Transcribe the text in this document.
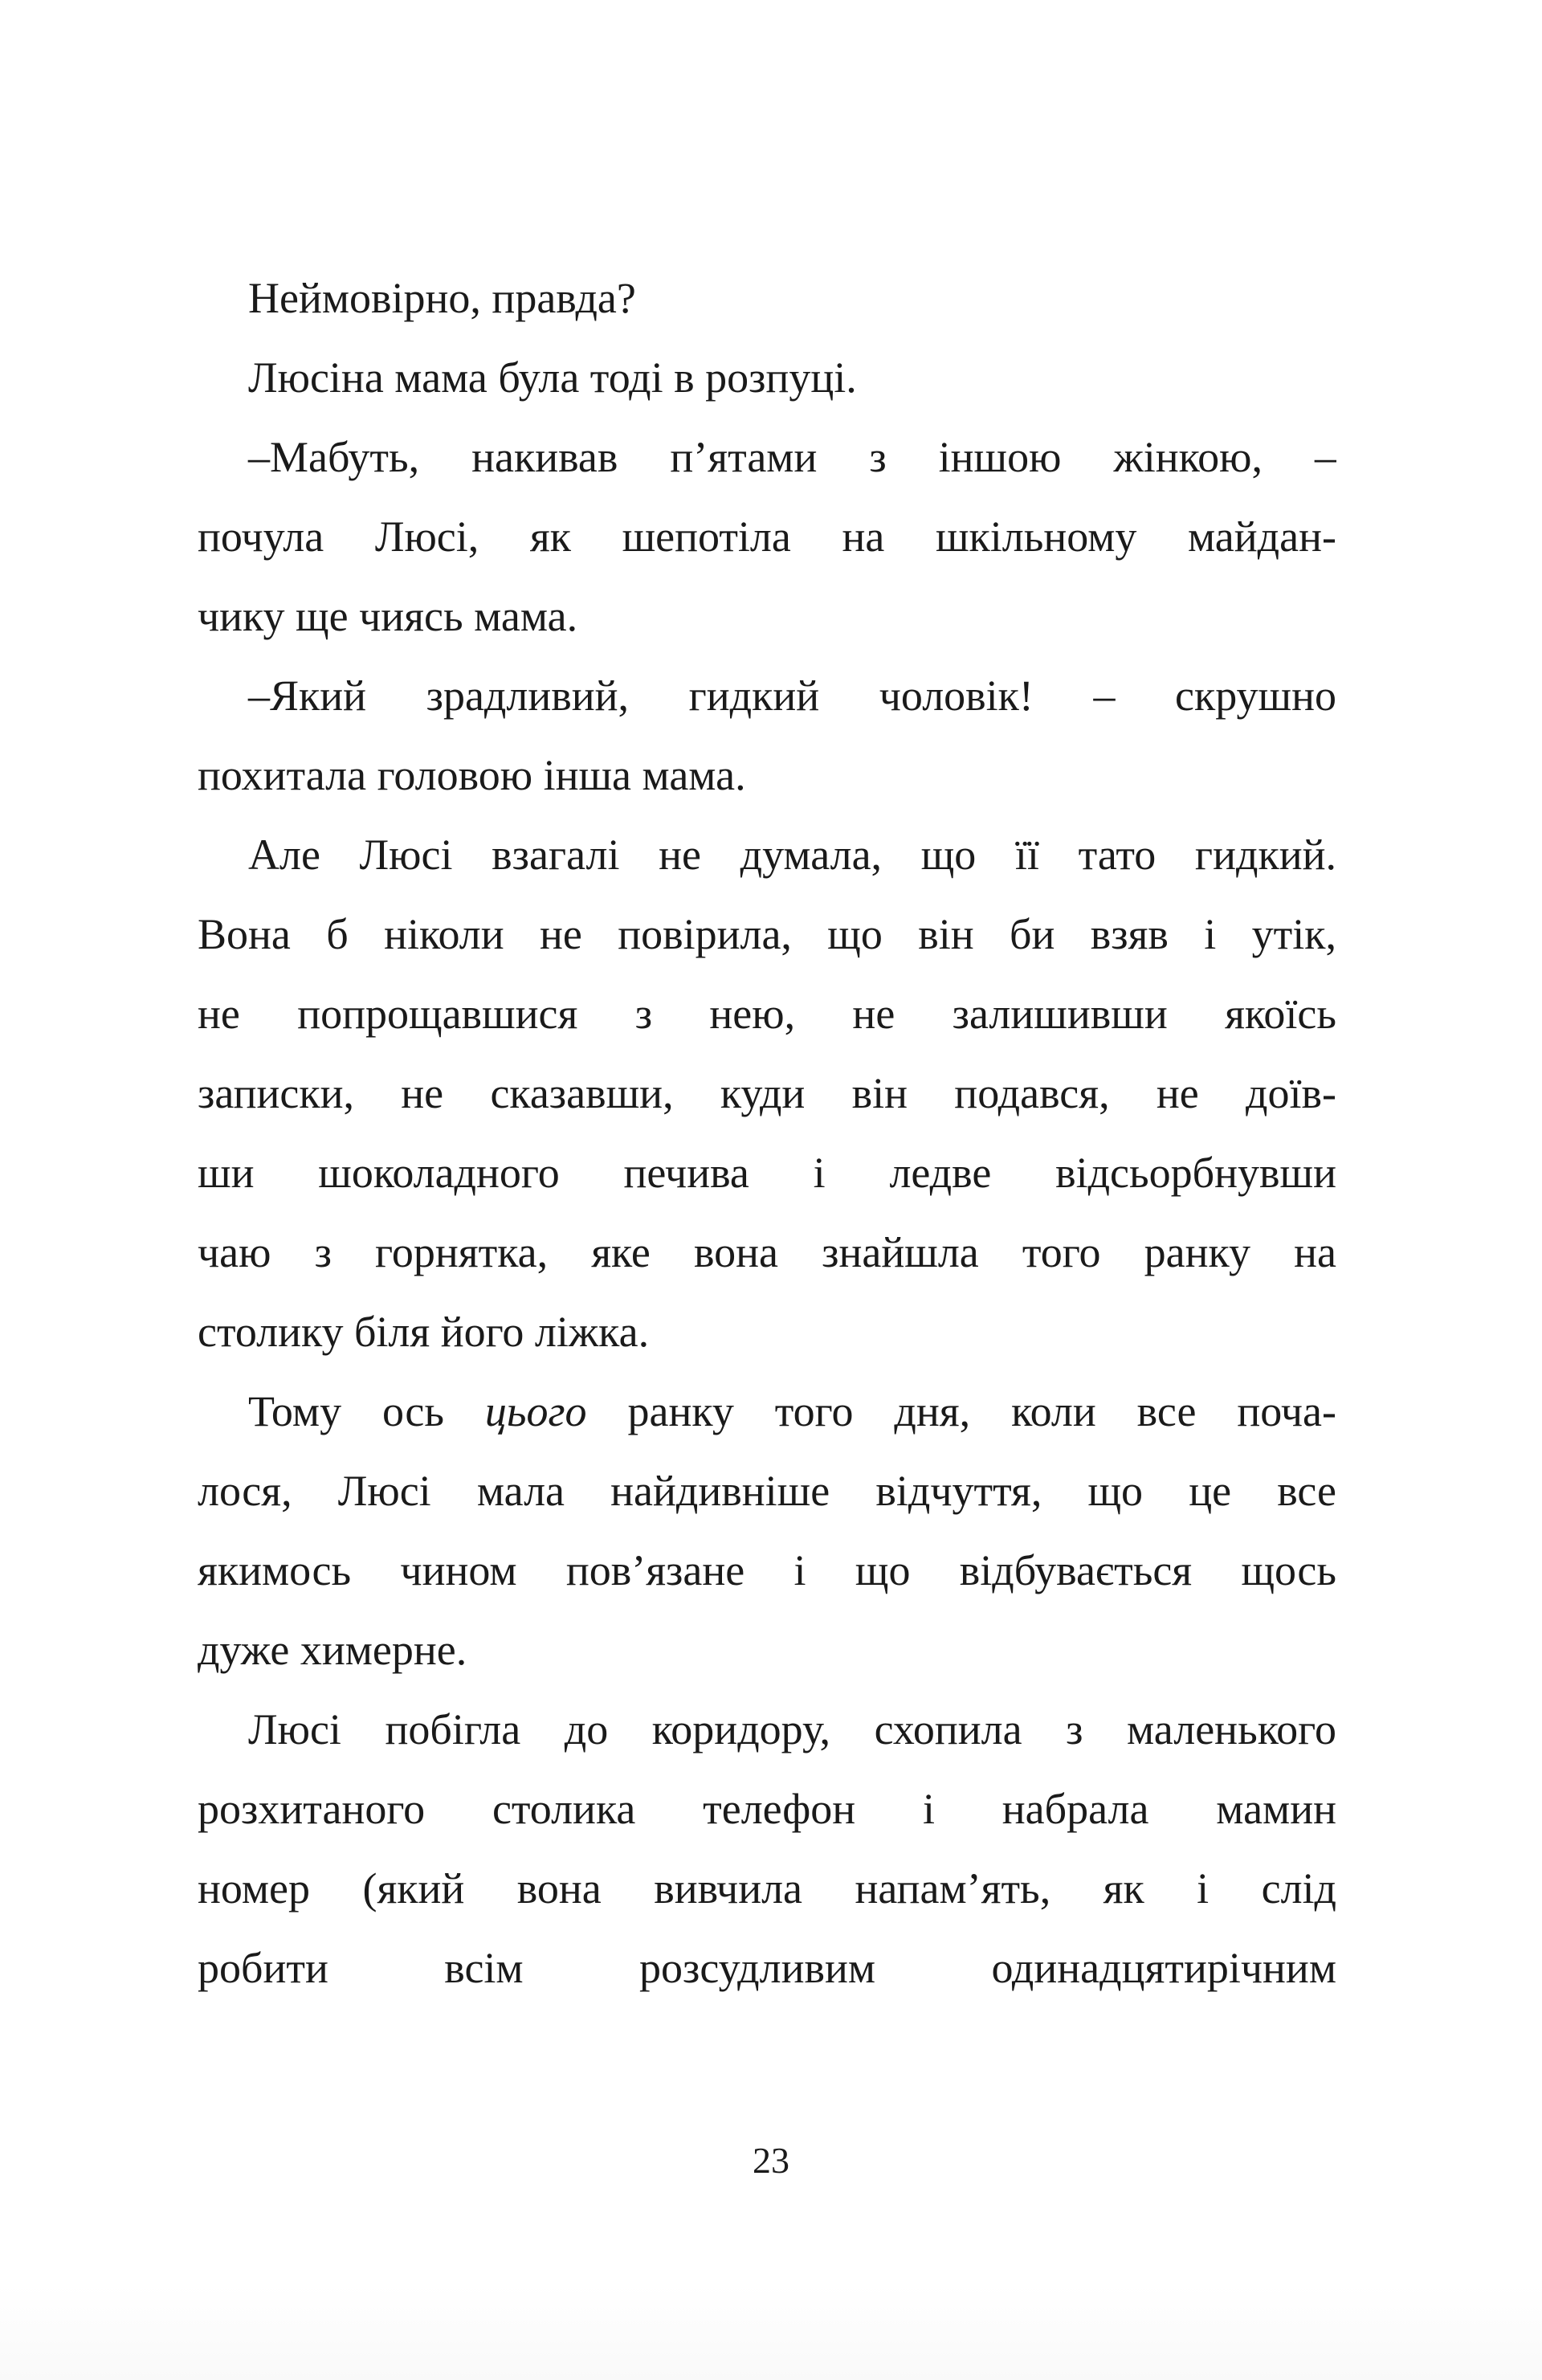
Неймовірно, правда?
Люсіна мама була тоді в розпуці.
–Мабуть, накивав п’ятами з іншою жінкою, –
почула Люсі, як шепотіла на шкільному майдан-
чику ще чиясь мама.
–Який зрадливий, гидкий чоловік! – скрушно
похитала головою інша мама.
Але Люсі взагалі не думала, що її тато гидкий.
Вона б ніколи не повірила, що він би взяв і утік,
не попрощавшися з нею, не залишивши якоїсь
записки, не сказавши, куди він подався, не доїв-
ши шоколадного печива і ледве відсьорбнувши
чаю з горнятка, яке вона знайшла того ранку на
столику біля його ліжка.
Тому ось цього ранку того дня, коли все поча-
лося, Люсі мала найдивніше відчуття, що це все
якимось чином пов’язане і що відбувається щось
дуже химерне.
Люсі побігла до коридору, схопила з маленького
розхитаного столика телефон і набрала мамин
номер (який вона вивчила напам’ять, як і слід
робити всім розсудливим одинадцятирічним
23
